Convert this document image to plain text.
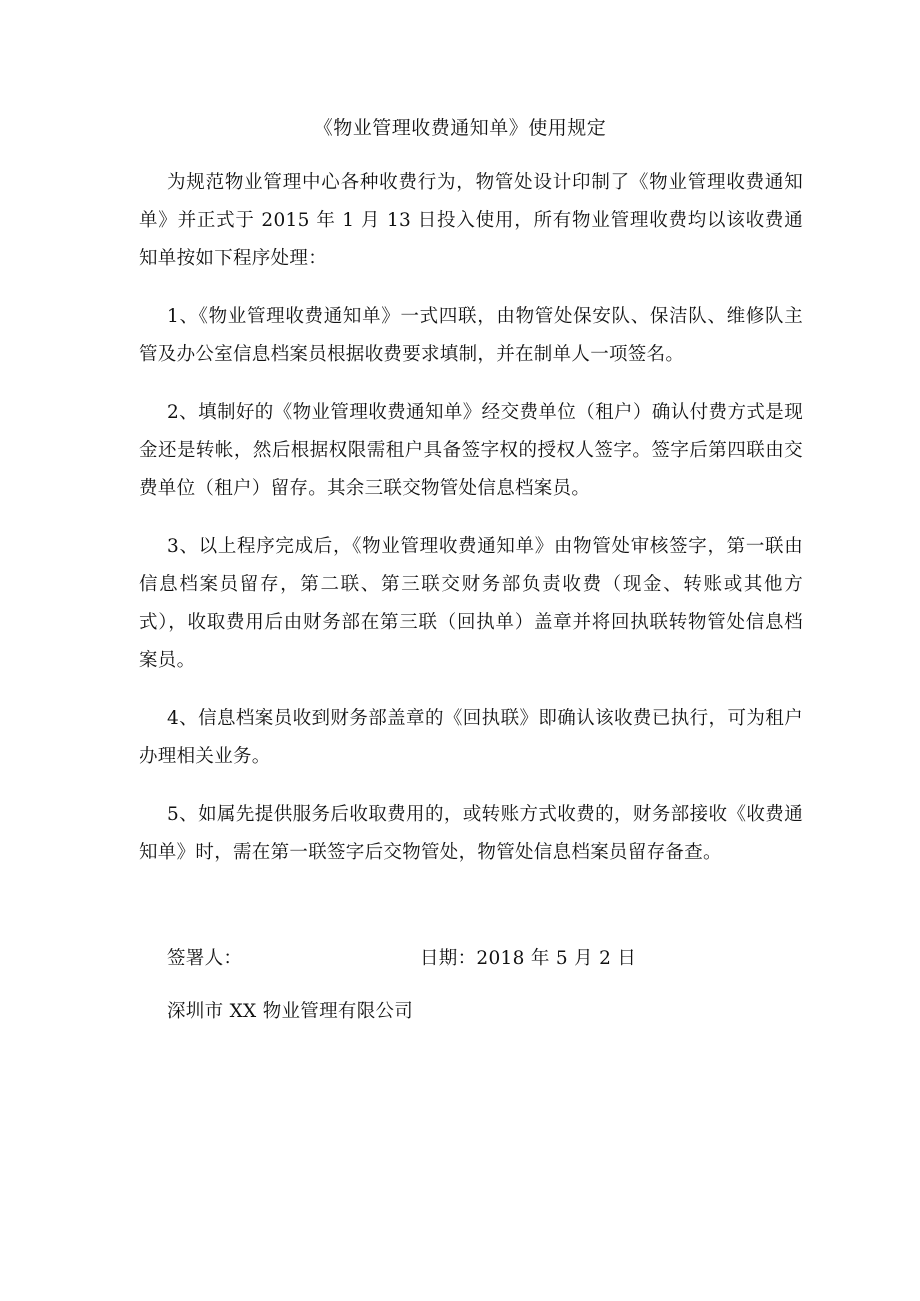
《物业管理收费通知单》使用规定

为规范物业管理中心各种收费行为，物管处设计印制了《物业管理收费通知单》并正式于 2015 年 1 月 13 日投入使用，所有物业管理收费均以该收费通知单按如下程序处理：

1、《物业管理收费通知单》一式四联，由物管处保安队、保洁队、维修队主管及办公室信息档案员根据收费要求填制，并在制单人一项签名。

2、填制好的《物业管理收费通知单》经交费单位（租户）确认付费方式是现金还是转帐，然后根据权限需租户具备签字权的授权人签字。签字后第四联由交费单位（租户）留存。其余三联交物管处信息档案员。

3、以上程序完成后，《物业管理收费通知单》由物管处审核签字，第一联由信息档案员留存，第二联、第三联交财务部负责收费（现金、转账或其他方式），收取费用后由财务部在第三联（回执单）盖章并将回执联转物管处信息档案员。

4、信息档案员收到财务部盖章的《回执联》即确认该收费已执行，可为租户办理相关业务。

5、如属先提供服务后收取费用的，或转账方式收费的，财务部接收《收费通知单》时，需在第一联签字后交物管处，物管处信息档案员留存备查。

签署人：	日期：2018 年 5 月 2 日
深圳市 XX 物业管理有限公司
